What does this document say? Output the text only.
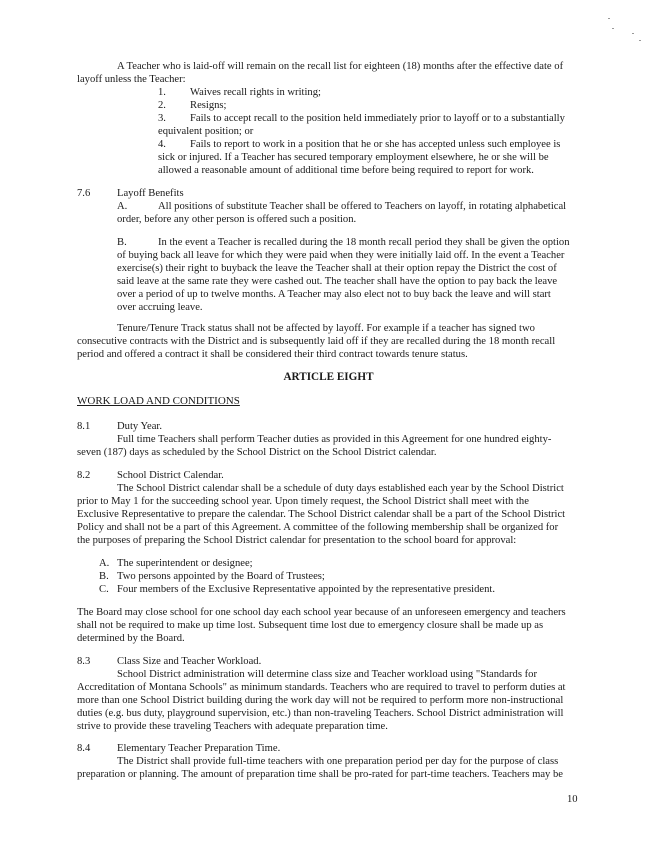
A Teacher who is laid-off will remain on the recall list for eighteen (18) months after the effective date of
layoff unless the Teacher:
1. Waives recall rights in writing;
2. Resigns;
3. Fails to accept recall to the position held immediately prior to layoff or to a substantially
equivalent position; or
4. Fails to report to work in a position that he or she has accepted unless such employee is
sick or injured. If a Teacher has secured temporary employment elsewhere, he or she will be
allowed a reasonable amount of additional time before being required to report for work.
7.6	Layoff Benefits
A.	All positions of substitute Teacher shall be offered to Teachers on layoff, in rotating alphabetical
order, before any other person is offered such a position.
B.	In the event a Teacher is recalled during the 18 month recall period they shall be given the option
of buying back all leave for which they were paid when they were initially laid off. In the event a Teacher
exercise(s) their right to buyback the leave the Teacher shall at their option repay the District the cost of
said leave at the same rate they were cashed out. The teacher shall have the option to pay back the leave
over a period of up to twelve months. A Teacher may also elect not to buy back the leave and will start
over accruing leave.
Tenure/Tenure Track status shall not be affected by layoff. For example if a teacher has signed two
consecutive contracts with the District and is subsequently laid off if they are recalled during the 18 month recall
period and offered a contract it shall be considered their third contract towards tenure status.
ARTICLE EIGHT
WORK LOAD AND CONDITIONS
8.1	Duty Year.
Full time Teachers shall perform Teacher duties as provided in this Agreement for one hundred eighty-
seven (187) days as scheduled by the School District on the School District calendar.
8.2	School District Calendar.
The School District calendar shall be a schedule of duty days established each year by the School District
prior to May 1 for the succeeding school year. Upon timely request, the School District shall meet with the
Exclusive Representative to prepare the calendar. The School District calendar shall be a part of the School District
Policy and shall not be a part of this Agreement. A committee of the following membership shall be organized for
the purposes of preparing the School District calendar for presentation to the school board for approval:
A. The superintendent or designee;
B. Two persons appointed by the Board of Trustees;
C. Four members of the Exclusive Representative appointed by the representative president.
The Board may close school for one school day each school year because of an unforeseen emergency and teachers
shall not be required to make up time lost. Subsequent time lost due to emergency closure shall be made up as
determined by the Board.
8.3	Class Size and Teacher Workload.
School District administration will determine class size and Teacher workload using "Standards for
Accreditation of Montana Schools" as minimum standards. Teachers who are required to travel to perform duties at
more than one School District building during the work day will not be required to perform more non-instructional
duties (e.g. bus duty, playground supervision, etc.) than non-traveling Teachers. School District administration will
strive to provide these traveling Teachers with adequate preparation time.
8.4	Elementary Teacher Preparation Time.
The District shall provide full-time teachers with one preparation period per day for the purpose of class
preparation or planning. The amount of preparation time shall be pro-rated for part-time teachers. Teachers may be
10
